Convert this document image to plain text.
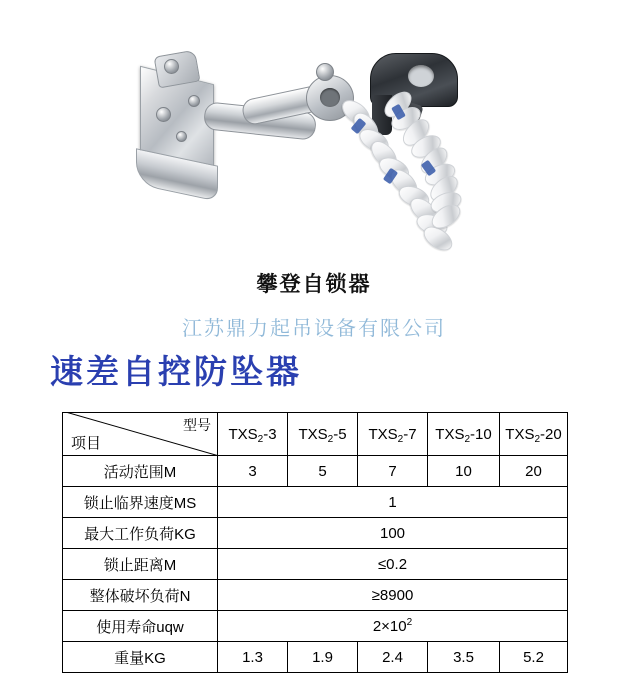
攀登自锁器
江苏鼎力起吊设备有限公司
速差自控防坠器
型号
项目	$TXS_2-3$	$TXS_2-5$	$TXS_2-7$	$TXS_2-10$	$TXS_2-20$
活动范围M	3	5	7	10	20
锁止临界速度MS	1				
最大工作负荷KG	100				
锁止距离M	≤0.2				
整体破坏负荷N	≥8900				
使用寿命uqw	$2\times 10^2$
重量KG	1.3	1.9	2.4	3.5	5.2
